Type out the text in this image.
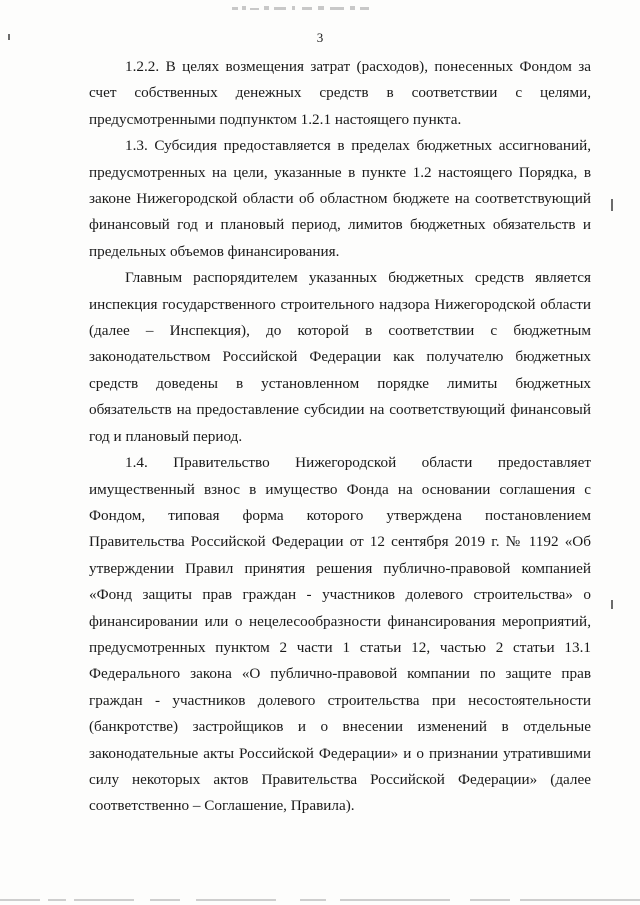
3

1.2.2. В целях возмещения затрат (расходов), понесенных Фондом за счет собственных денежных средств в соответствии с целями, предусмотренными подпунктом 1.2.1 настоящего пункта.

1.3. Субсидия предоставляется в пределах бюджетных ассигнований, предусмотренных на цели, указанные в пункте 1.2 настоящего Порядка, в законе Нижегородской области об областном бюджете на соответствующий финансовый год и плановый период, лимитов бюджетных обязательств и предельных объемов финансирования.

Главным распорядителем указанных бюджетных средств является инспекция государственного строительного надзора Нижегородской области (далее – Инспекция), до которой в соответствии с бюджетным законодательством Российской Федерации как получателю бюджетных средств доведены в установленном порядке лимиты бюджетных обязательств на предоставление субсидии на соответствующий финансовый год и плановый период.

1.4. Правительство Нижегородской области предоставляет имущественный взнос в имущество Фонда на основании соглашения с Фондом, типовая форма которого утверждена постановлением Правительства Российской Федерации от 12 сентября 2019 г. № 1192 «Об утверждении Правил принятия решения публично-правовой компанией «Фонд защиты прав граждан - участников долевого строительства» о финансировании или о нецелесообразности финансирования мероприятий, предусмотренных пунктом 2 части 1 статьи 12, частью 2 статьи 13.1 Федерального закона «О публично-правовой компании по защите прав граждан - участников долевого строительства при несостоятельности (банкротстве) застройщиков и о внесении изменений в отдельные законодательные акты Российской Федерации» и о признании утратившими силу некоторых актов Правительства Российской Федерации» (далее соответственно – Соглашение, Правила).
